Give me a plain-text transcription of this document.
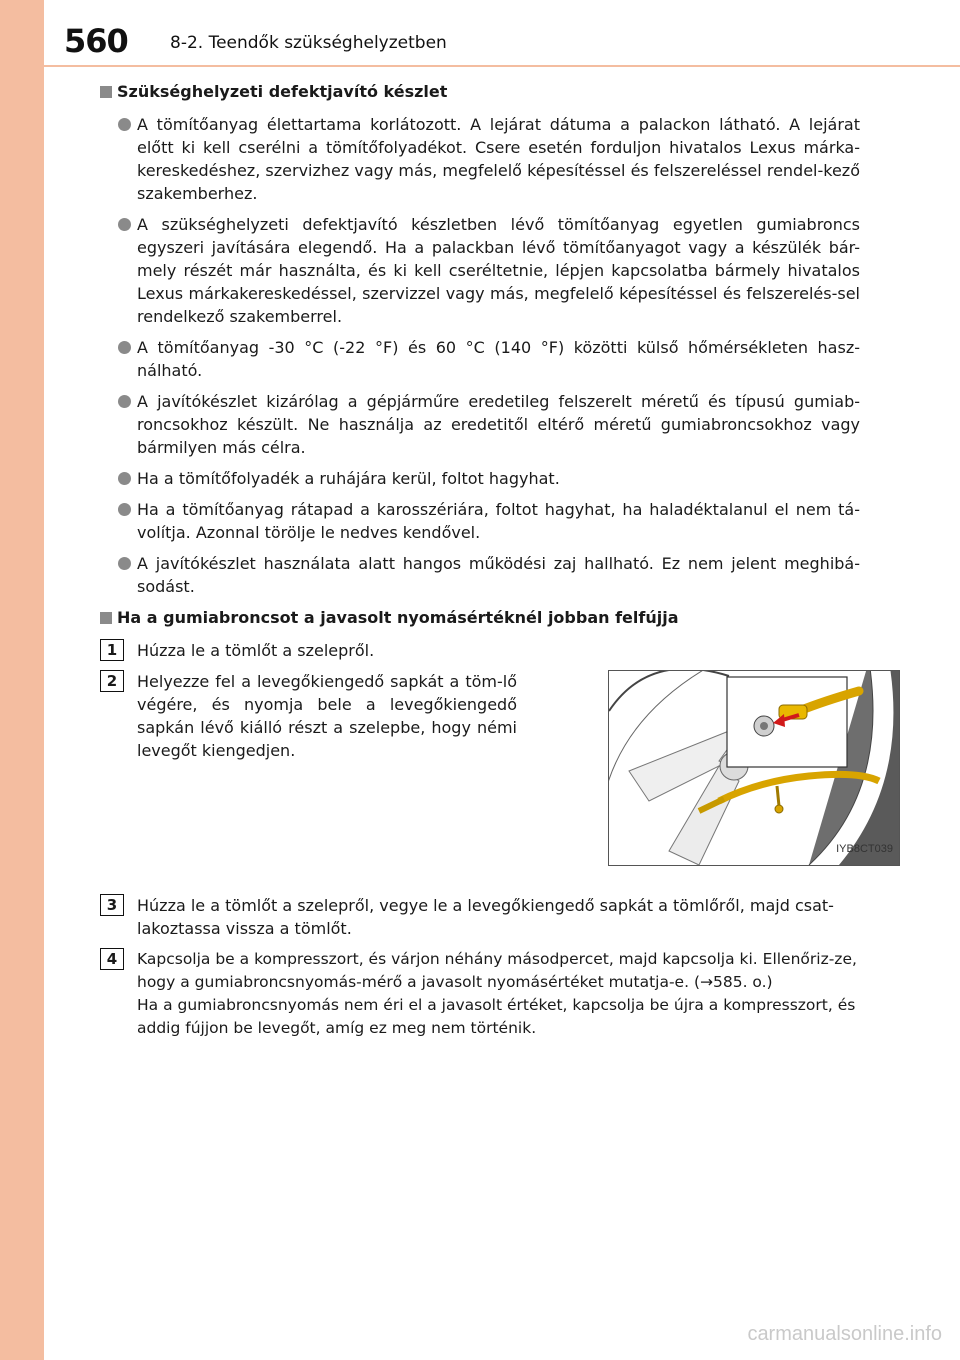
560 8-2. Teendők szükséghelyzetben
Szükséghelyzeti defektjavító készlet
A tömítőanyag élettartama korlátozott. A lejárat dátuma a palackon látható. A lejárat előtt ki kell cserélni a tömítőfolyadékot. Csere esetén forduljon hivatalos Lexus márka-kereskedéshez, szervizhez vagy más, megfelelő képesítéssel és felszereléssel rendel-kező szakemberhez.
A szükséghelyzeti defektjavító készletben lévő tömítőanyag egyetlen gumiabroncs egyszeri javítására elegendő. Ha a palackban lévő tömítőanyagot vagy a készülék bár-mely részét már használta, és ki kell cseréltetnie, lépjen kapcsolatba bármely hivatalos Lexus márkakereskedéssel, szervizzel vagy más, megfelelő képesítéssel és felszerelés-sel rendelkező szakemberrel.
A tömítőanyag -30 °C (-22 °F) és 60 °C (140 °F) közötti külső hőmérsékleten hasz-nálható.
A javítókészlet kizárólag a gépjárműre eredetileg felszerelt méretű és típusú gumiab-roncsokhoz készült. Ne használja az eredetitől eltérő méretű gumiabroncsokhoz vagy bármilyen más célra.
Ha a tömítőfolyadék a ruhájára kerül, foltot hagyhat.
Ha a tömítőanyag rátapad a karosszériára, foltot hagyhat, ha haladéktalanul el nem tá-volítja. Azonnal törölje le nedves kendővel.
A javítókészlet használata alatt hangos működési zaj hallható. Ez nem jelent meghibá-sodást.
Ha a gumiabroncsot a javasolt nyomásértéknél jobban felfújja
1	Húzza le a tömlőt a szelepről.
2	Helyezze fel a levegőkiengedő sapkát a töm-lő végére, és nyomja bele a levegőkiengedő sapkán lévő kiálló részt a szelepbe, hogy némi levegőt kiengedjen.
IYB8CT039
3	Húzza le a tömlőt a szelepről, vegye le a levegőkiengedő sapkát a tömlőről, majd csat-lakoztassa vissza a tömlőt.
4	Kapcsolja be a kompresszort, és várjon néhány másodpercet, majd kapcsolja ki. Ellenőriz-ze, hogy a gumiabroncsnyomás-mérő a javasolt nyomásértéket mutatja-e. (→585. o.)
Ha a gumiabroncsnyomás nem éri el a javasolt értéket, kapcsolja be újra a kompresszort, és addig fújjon be levegőt, amíg ez meg nem történik.
carmanualsonline.info
